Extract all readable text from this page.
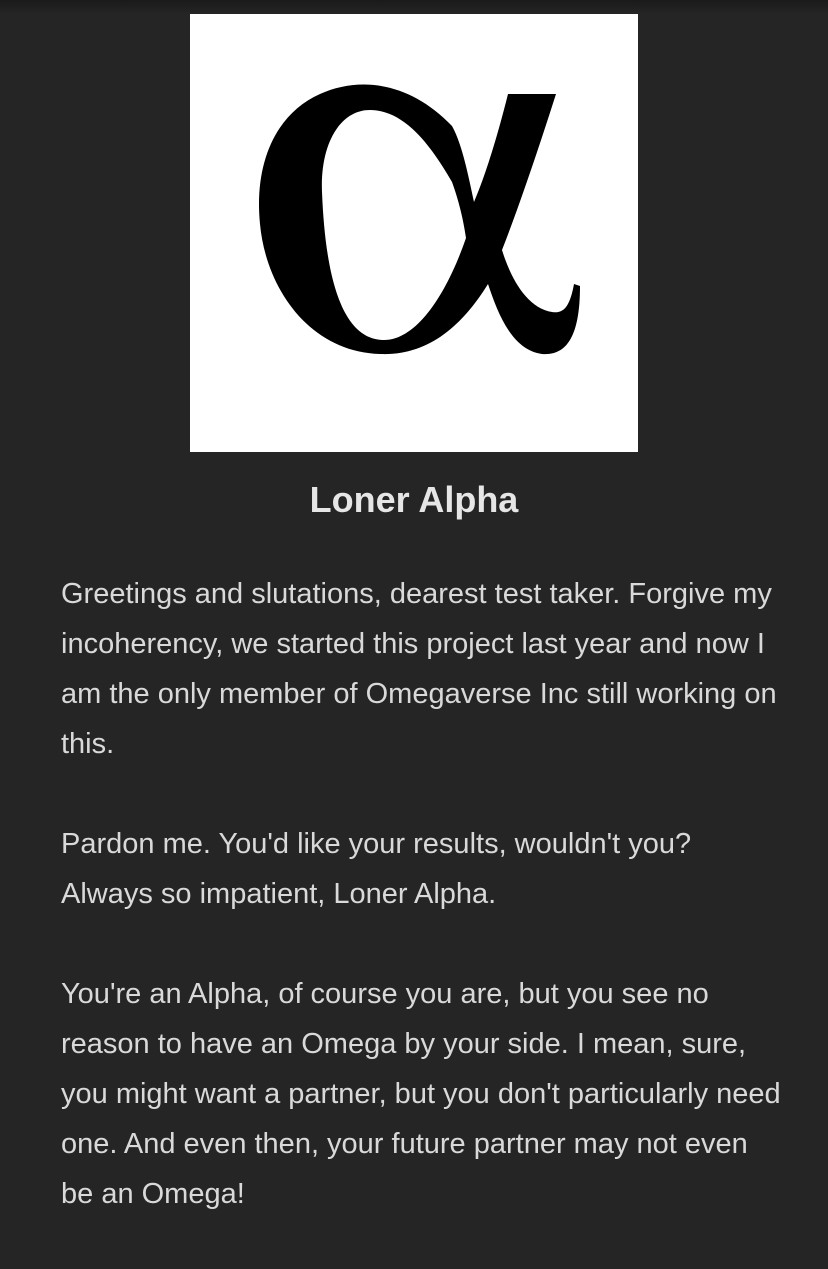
Loner Alpha

Greetings and slutations, dearest test taker. Forgive my incoherency, we started this project last year and now I am the only member of Omegaverse Inc still working on this.

Pardon me. You'd like your results, wouldn't you? Always so impatient, Loner Alpha.

You're an Alpha, of course you are, but you see no reason to have an Omega by your side. I mean, sure, you might want a partner, but you don't particularly need one. And even then, your future partner may not even be an Omega!
